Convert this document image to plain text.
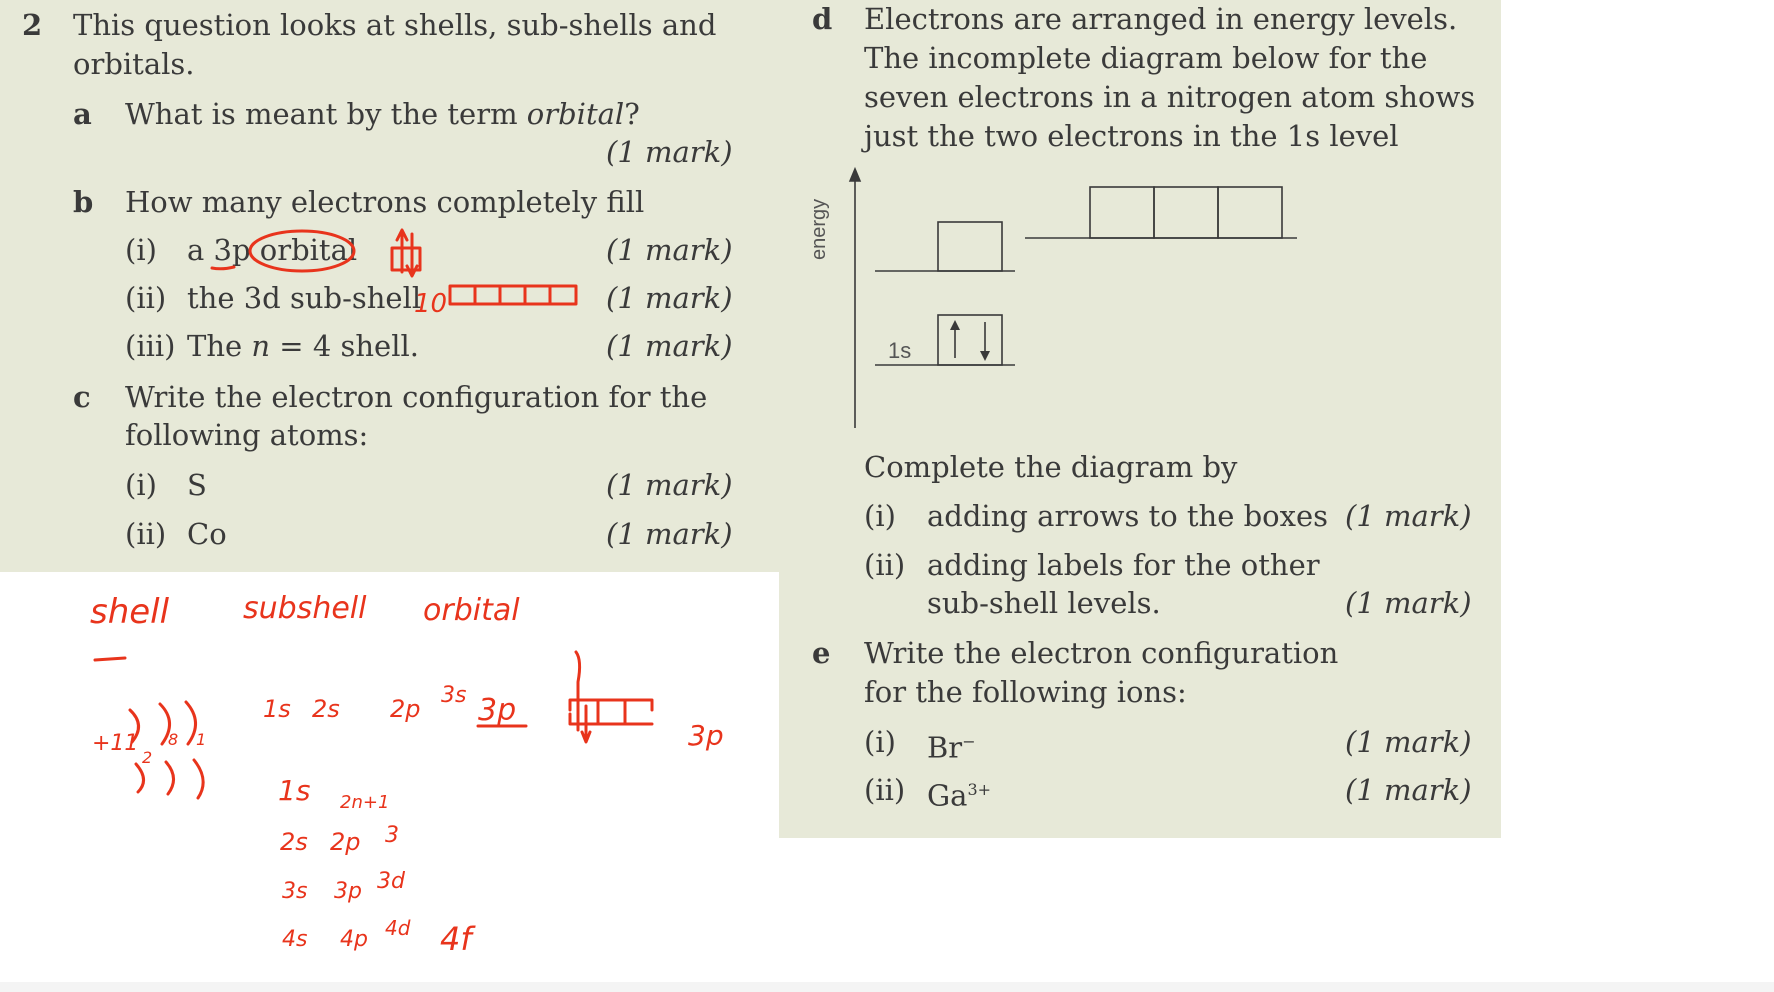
2 This question looks at shells, sub-shells and
orbitals.
a What is meant by the term orbital?
( 1 mark )
b How many electrons completely fill
(i) a 3p orbital	( 1 mark )
(ii) the 3d sub-shell	( 1 mark )
(iii) The n = 4 shell.	( 1 mark )
c Write the electron configuration for the
following atoms:
(i) S	( 1 mark )
(ii) Co	( 1 mark )
d Electrons are arranged in energy levels.
The incomplete diagram below for the
seven electrons in a nitrogen atom shows
just the two electrons in the 1s level
energy
1s
Complete the diagram by
(i) adding arrows to the boxes ( 1 mark )
(ii) adding labels for the other
sub-shell levels.	( 1 mark )
e Write the electron configuration
for the following ions:
(i) Br−	( 1 mark )
(ii) $Ga^{3+}$	( 1 mark )
10
shell subshell orbital
+11
2
8 1
1s 2s 2p 3s 3p
3p
1s 2n+1
2s 2p 3
3s 3p 3d
4s 4p 4d 4f
